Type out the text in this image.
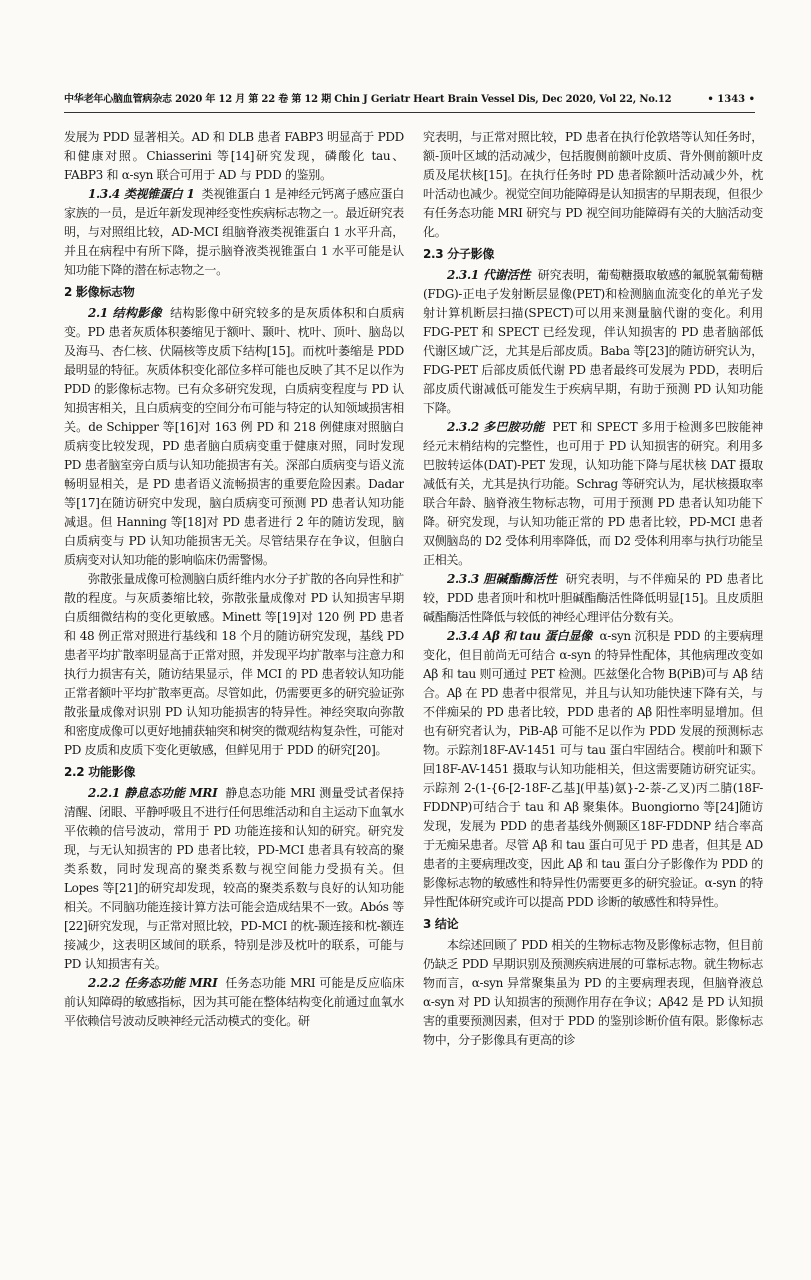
中华老年心脑血管病杂志 2020 年 12 月 第 22 卷 第 12 期 Chin J Geriatr Heart Brain Vessel Dis, Dec 2020, Vol 22, No.12	• 1343 •

发展为 PDD 显著相关。AD 和 DLB 患者 FABP3 明显高于 PDD 和健康对照。Chiasserini 等[14]研究发现，磷酸化 tau、FABP3 和 α-syn 联合可用于 AD 与 PDD 的鉴别。

1.3.4 类视锥蛋白 1 类视锥蛋白 1 是神经元钙离子感应蛋白家族的一员，是近年新发现神经变性疾病标志物之一。最近研究表明，与对照组比较，AD-MCI 组脑脊液类视锥蛋白 1 水平升高，并且在病程中有所下降，提示脑脊液类视锥蛋白 1 水平可能是认知功能下降的潜在标志物之一。

2 影像标志物

2.1 结构影像 结构影像中研究较多的是灰质体积和白质病变。PD 患者灰质体积萎缩见于额叶、颞叶、枕叶、顶叶、脑岛以及海马、杏仁核、伏隔核等皮质下结构[15]。而枕叶萎缩是 PDD 最明显的特征。灰质体积变化部位多样可能也反映了其不足以作为 PDD 的影像标志物。已有众多研究发现，白质病变程度与 PD 认知损害相关，且白质病变的空间分布可能与特定的认知领域损害相关。de Schipper 等[16]对 163 例 PD 和 218 例健康对照脑白质病变比较发现，PD 患者脑白质病变重于健康对照，同时发现 PD 患者脑室旁白质与认知功能损害有关。深部白质病变与语义流畅明显相关，是 PD 患者语义流畅损害的重要危险因素。Dadar 等[17]在随访研究中发现，脑白质病变可预测 PD 患者认知功能减退。但 Hanning 等[18]对 PD 患者进行 2 年的随访发现，脑白质病变与 PD 认知功能损害无关。尽管结果存在争议，但脑白质病变对认知功能的影响临床仍需警惕。

弥散张量成像可检测脑白质纤维内水分子扩散的各向异性和扩散的程度。与灰质萎缩比较，弥散张量成像对 PD 认知损害早期白质细微结构的变化更敏感。Minett 等[19]对 120 例 PD 患者和 48 例正常对照进行基线和 18 个月的随访研究发现，基线 PD 患者平均扩散率明显高于正常对照，并发现平均扩散率与注意力和执行力损害有关，随访结果显示，伴 MCI 的 PD 患者较认知功能正常者额叶平均扩散率更高。尽管如此，仍需要更多的研究验证弥散张量成像对识别 PD 认知功能损害的特异性。神经突取向弥散和密度成像可以更好地捕获轴突和树突的微观结构复杂性，可能对 PD 皮质和皮质下变化更敏感，但鲜见用于 PDD 的研究[20]。

2.2 功能影像

2.2.1 静息态功能 MRI 静息态功能 MRI 测量受试者保持清醒、闭眼、平静呼吸且不进行任何思维活动和自主运动下血氧水平依赖的信号波动，常用于 PD 功能连接和认知的研究。研究发现，与无认知损害的 PD 患者比较，PD-MCI 患者具有较高的聚类系数，同时发现高的聚类系数与视空间能力受损有关。但 Lopes 等[21]的研究却发现，较高的聚类系数与良好的认知功能相关。不同脑功能连接计算方法可能会造成结果不一致。Abós 等[22]研究发现，与正常对照比较，PD-MCI 的枕-颞连接和枕-额连接减少，这表明区域间的联系，特别是涉及枕叶的联系，可能与 PD 认知损害有关。

2.2.2 任务态功能 MRI 任务态功能 MRI 可能是反应临床前认知障碍的敏感指标，因为其可能在整体结构变化前通过血氧水平依赖信号波动反映神经元活动模式的变化。研

究表明，与正常对照比较，PD 患者在执行伦敦塔等认知任务时，额-顶叶区域的活动减少，包括腹侧前额叶皮质、背外侧前额叶皮质及尾状核[15]。在执行任务时 PD 患者除额叶活动减少外，枕叶活动也减少。视觉空间功能障碍是认知损害的早期表现，但很少有任务态功能 MRI 研究与 PD 视空间功能障碍有关的大脑活动变化。

2.3 分子影像

2.3.1 代谢活性 研究表明，葡萄糖摄取敏感的氟脱氧葡萄糖(FDG)-正电子发射断层显像(PET)和检测脑血流变化的单光子发射计算机断层扫描(SPECT)可以用来测量脑代谢的变化。利用 FDG-PET 和 SPECT 已经发现，伴认知损害的 PD 患者脑部低代谢区域广泛，尤其是后部皮质。Baba 等[23]的随访研究认为，FDG-PET 后部皮质低代谢 PD 患者最终可发展为 PDD，表明后部皮质代谢减低可能发生于疾病早期，有助于预测 PD 认知功能下降。

2.3.2 多巴胺功能 PET 和 SPECT 多用于检测多巴胺能神经元末梢结构的完整性，也可用于 PD 认知损害的研究。利用多巴胺转运体(DAT)-PET 发现，认知功能下降与尾状核 DAT 摄取减低有关，尤其是执行功能。Schrag 等研究认为，尾状核摄取率联合年龄、脑脊液生物标志物，可用于预测 PD 患者认知功能下降。研究发现，与认知功能正常的 PD 患者比较，PD-MCI 患者双侧脑岛的 D2 受体利用率降低，而 D2 受体利用率与执行功能呈正相关。

2.3.3 胆碱酯酶活性 研究表明，与不伴痴呆的 PD 患者比较，PDD 患者顶叶和枕叶胆碱酯酶活性降低明显[15]。且皮质胆碱酯酶活性降低与较低的神经心理评估分数有关。

2.3.4 Aβ 和 tau 蛋白显像 α-syn 沉积是 PDD 的主要病理变化，但目前尚无可结合 α-syn 的特异性配体，其他病理改变如 Aβ 和 tau 则可通过 PET 检测。匹兹堡化合物 B(PiB)可与 Aβ 结合。Aβ 在 PD 患者中很常见，并且与认知功能快速下降有关，与不伴痴呆的 PD 患者比较，PDD 患者的 Aβ 阳性率明显增加。但也有研究者认为，PiB-Aβ 可能不足以作为 PDD 发展的预测标志物。示踪剂18F-AV-1451 可与 tau 蛋白牢固结合。楔前叶和颞下回18F-AV-1451 摄取与认知功能相关，但这需要随访研究证实。示踪剂 2-(1-{6-[2-18F-乙基](甲基)氨}-2-萘-乙叉)丙二腈(18F-FDDNP)可结合于 tau 和 Aβ 聚集体。Buongiorno 等[24]随访发现，发展为 PDD 的患者基线外侧颞区18F-FDDNP 结合率高于无痴呆患者。尽管 Aβ 和 tau 蛋白可见于 PD 患者，但其是 AD 患者的主要病理改变，因此 Aβ 和 tau 蛋白分子影像作为 PDD 的影像标志物的敏感性和特异性仍需要更多的研究验证。α-syn 的特异性配体研究或许可以提高 PDD 诊断的敏感性和特异性。

3 结论

本综述回顾了 PDD 相关的生物标志物及影像标志物，但目前仍缺乏 PDD 早期识别及预测疾病进展的可靠标志物。就生物标志物而言，α-syn 异常聚集虽为 PD 的主要病理表现，但脑脊液总 α-syn 对 PD 认知损害的预测作用存在争议；Aβ42 是 PD 认知损害的重要预测因素，但对于 PDD 的鉴别诊断价值有限。影像标志物中，分子影像具有更高的诊
